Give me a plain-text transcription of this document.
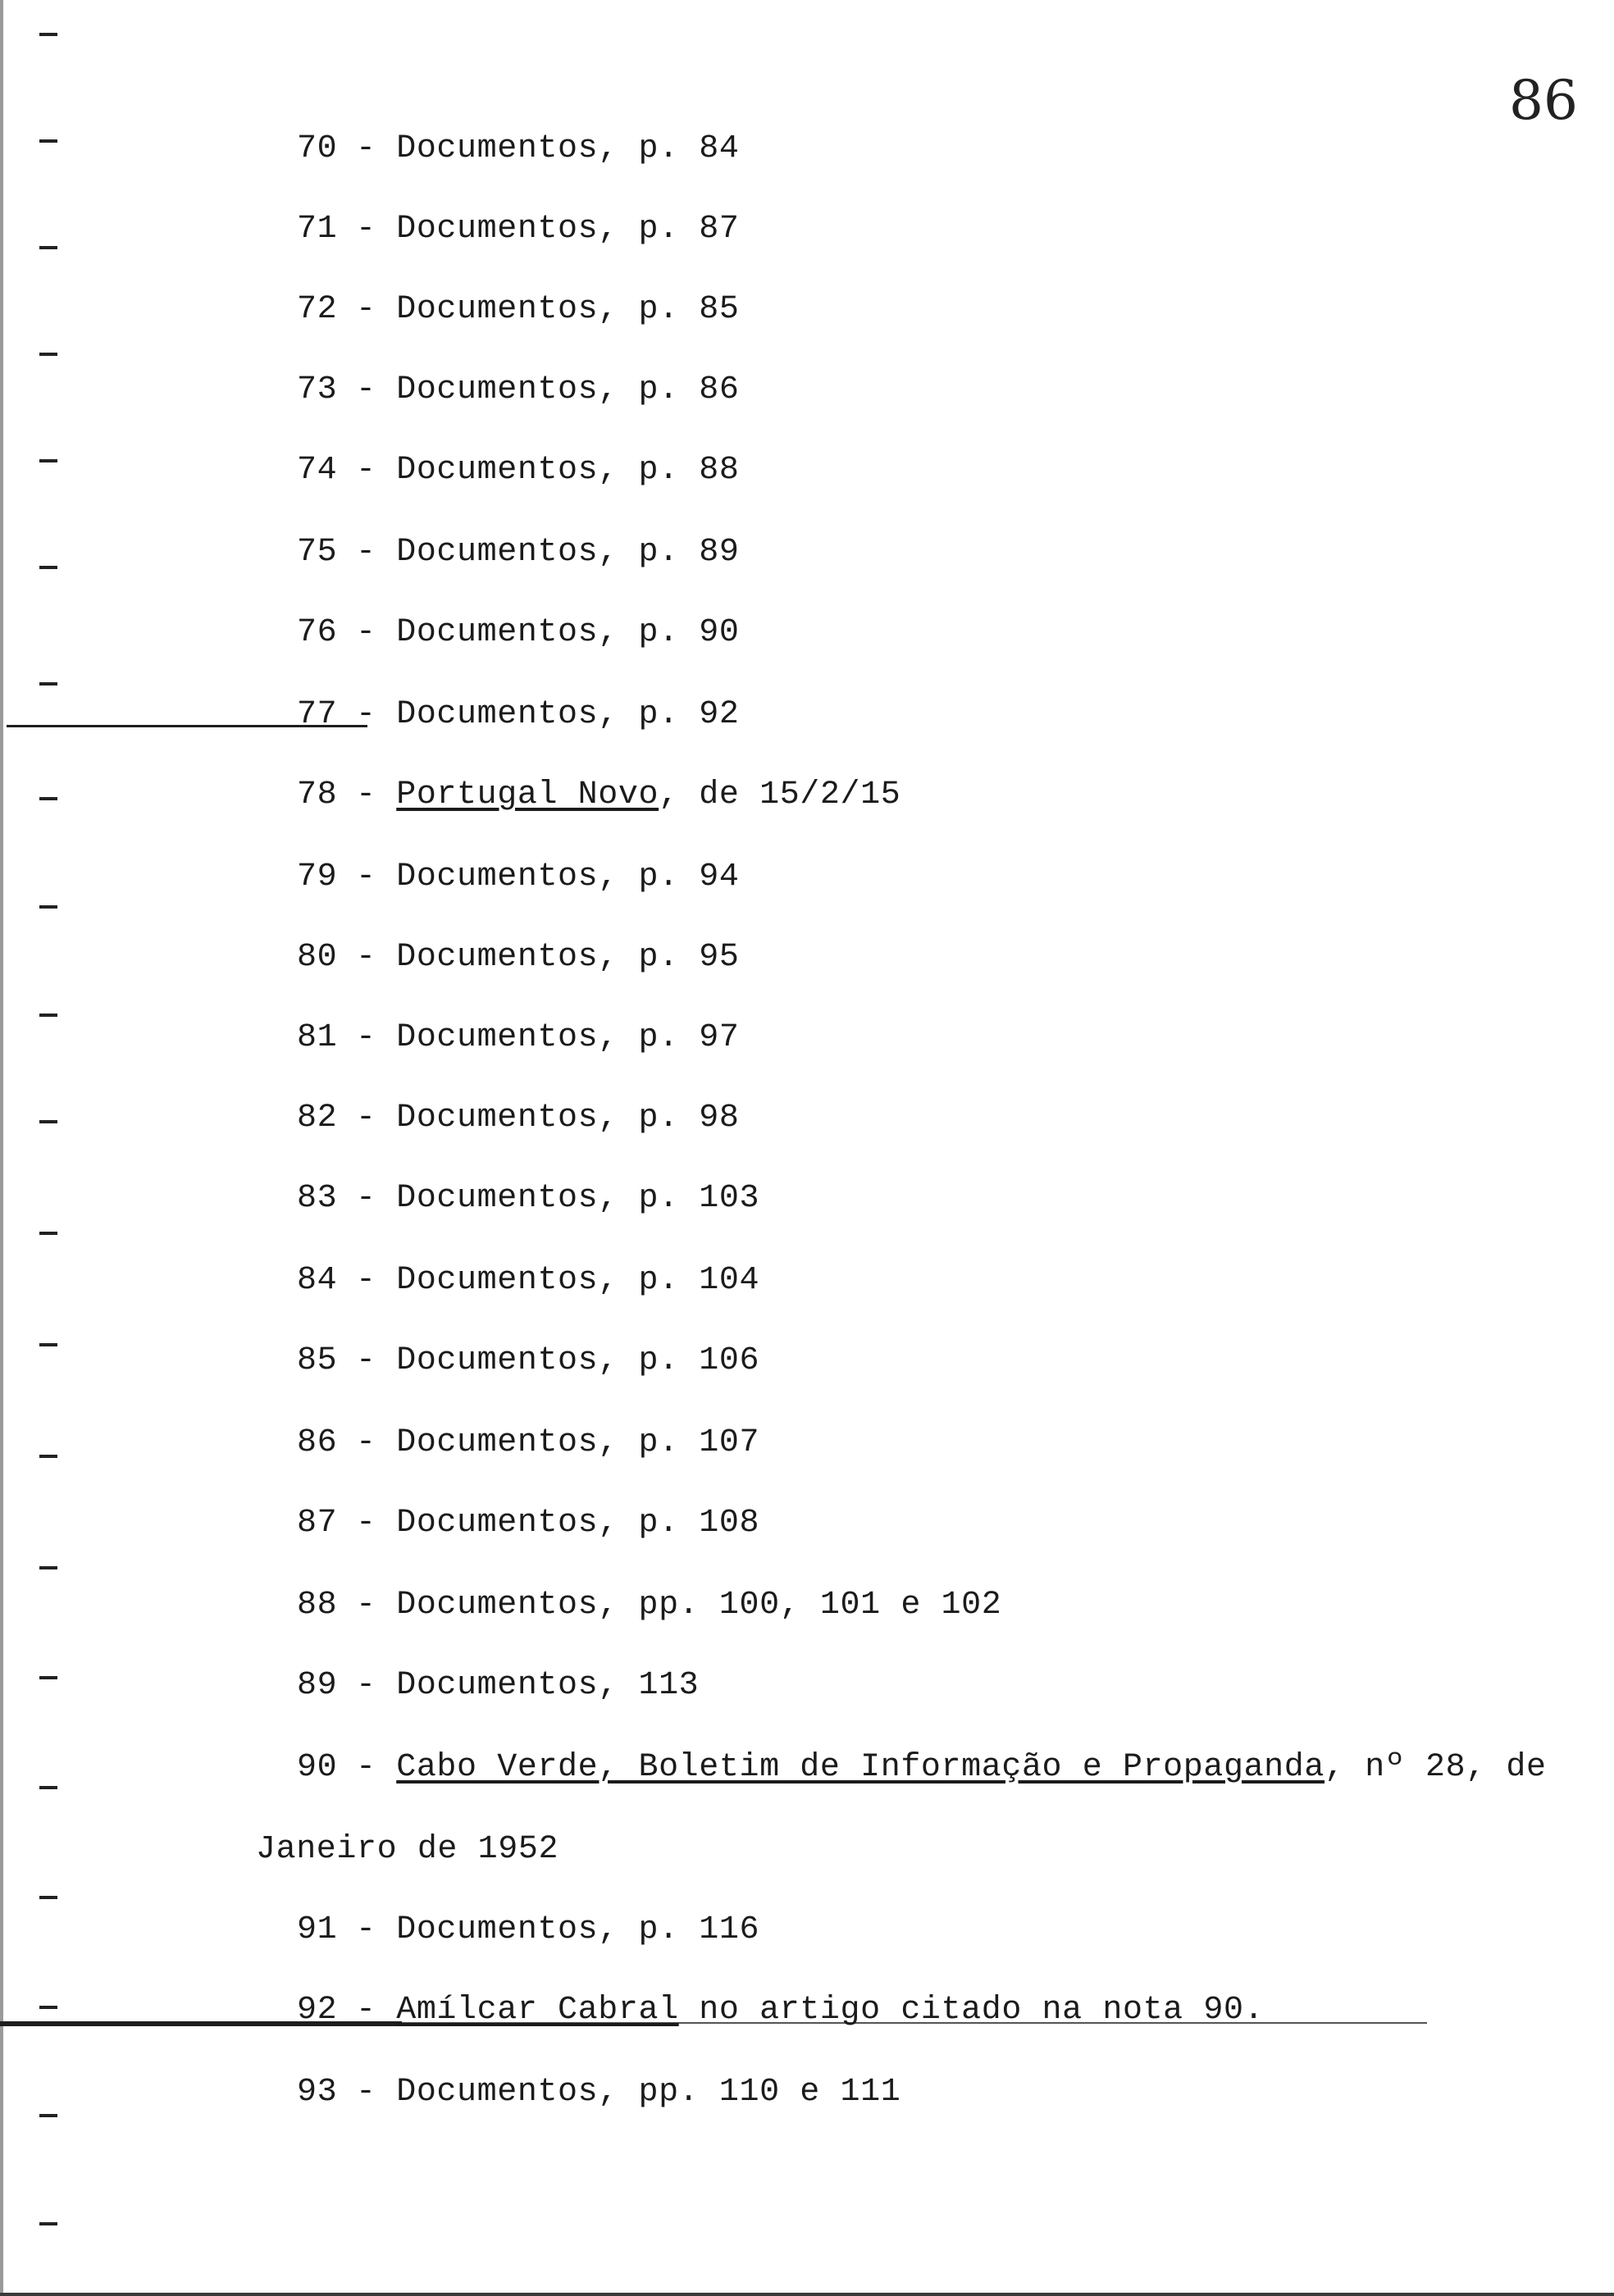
86
70 - Documentos, p. 84
71 - Documentos, p. 87
72 - Documentos, p. 85
73 - Documentos, p. 86
74 - Documentos, p. 88
75 - Documentos, p. 89
76 - Documentos, p. 90
77 - Documentos, p. 92
78 - Portugal Novo, de 15/2/15
79 - Documentos, p. 94
80 - Documentos, p. 95
81 - Documentos, p. 97
82 - Documentos, p. 98
83 - Documentos, p. 103
84 - Documentos, p. 104
85 - Documentos, p. 106
86 - Documentos, p. 107
87 - Documentos, p. 108
88 - Documentos, pp. 100, 101 e 102
89 - Documentos, 113
90 - Cabo Verde, Boletim de Informação e Propaganda, nº 28, de
91 - Documentos, p. 116
92 - Amílcar Cabral no artigo citado na nota 90.
93 - Documentos, pp. 110 e 111
Janeiro de 1952
